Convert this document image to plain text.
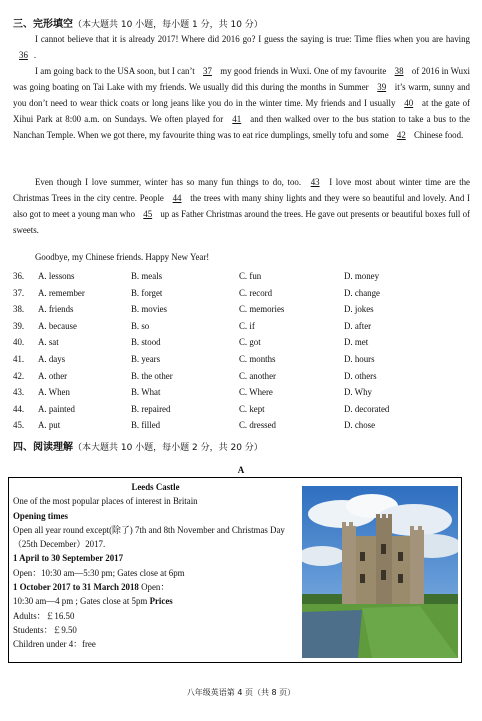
三、完形填空（本大题共 10 小题，每小题 1 分，共 10 分）
I cannot believe that it is already 2017! Where did 2016 go? I guess the saying is true: Time flies when you are having 36 .
I am going back to the USA soon, but I can’t 37 my good friends in Wuxi. One of my favourite 38 of 2016 in Wuxi was going boating on Tai Lake with my friends. We usually did this during the months in Summer 39 it’s warm, sunny and you don’t need to wear thick coats or long jeans like you do in the winter time. My friends and I usually 40 at the gate of Xihui Park at 8:00 a.m. on Sundays. We often played for 41 and then walked over to the bus station to take a bus to the Nanchan Temple. When we got there, my favourite thing was to eat rice dumplings, smelly tofu and some 42 Chinese food.
Even though I love summer, winter has so many fun things to do, too. 43 I love most about winter time are the Christmas Trees in the city centre. People 44 the trees with many shiny lights and they were so beautiful and lovely. And I also got to meet a young man who 45 up as Father Christmas around the trees. He gave out presents or beautiful boxes full of sweets.
Goodbye, my Chinese friends. Happy New Year!
36. A. lessons	B. meals	C. fun	D. money
37. A. remember	B. forget	C. record	D. change
38. A. friends	B. movies	C. memories	D. jokes
39. A. because	B. so	C. if	D. after
40. A. sat	B. stood	C. got	D. met
41. A. days	B. years	C. months	D. hours
42. A. other	B. the other	C. another	D. others
43. A. When	B. What	C. Where	D. Why
44. A. painted	B. repaired	C. kept	D. decorated
45. A. put	B. filled	C. dressed	D. chose
四、阅读理解（本大题共 10 小题，每小题 2 分，共 20 分）
A
Leeds Castle
One of the most popular places of interest in Britain
Opening times
Open all year round except(除了) 7th and 8th November and Christmas Day（25th December）2017.
1 April to 30 September 2017
Open：10:30 am—5:30 pm; Gates close at 6pm
1 October 2017 to 31 March 2018 Open：
10:30 am—4 pm ; Gates close at 5pm Prices
Adults：￡16.50
Students：￡9.50
Children under 4：free
八年级英语第 4 页（共 8 页）
